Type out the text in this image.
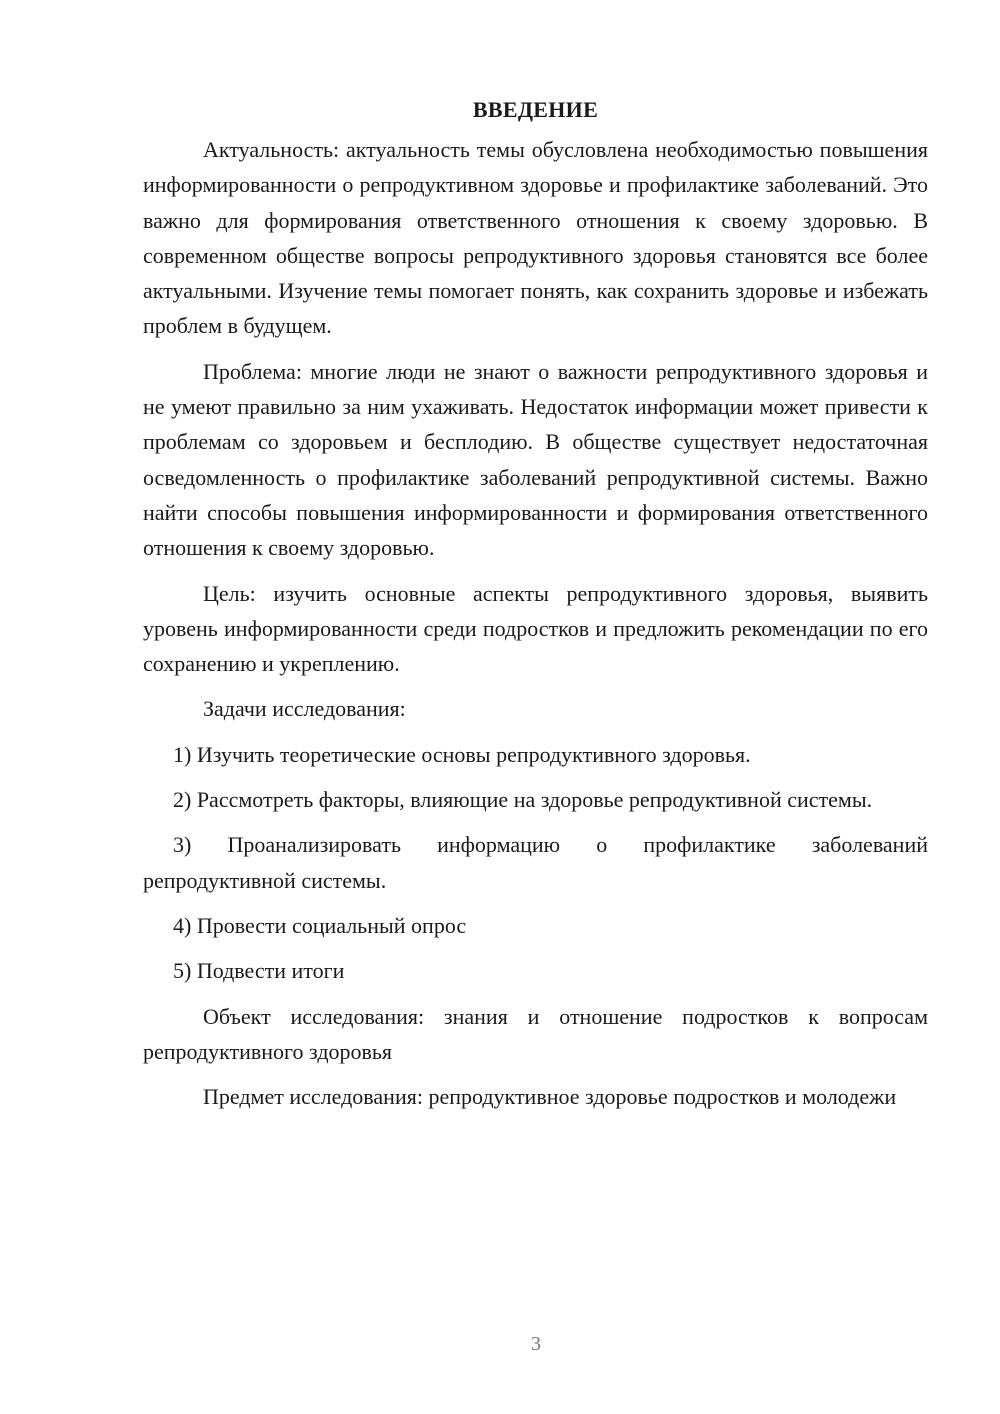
ВВЕДЕНИЕ

Актуальность: актуальность темы обусловлена необходимостью повышения информированности о репродуктивном здоровье и профилактике заболеваний. Это важно для формирования ответственного отношения к своему здоровью. В современном обществе вопросы репродуктивного здоровья становятся все более актуальными. Изучение темы помогает понять, как сохранить здоровье и избежать проблем в будущем.

Проблема: многие люди не знают о важности репродуктивного здоровья и не умеют правильно за ним ухаживать. Недостаток информации может привести к проблемам со здоровьем и бесплодию. В обществе существует недостаточная осведомленность о профилактике заболеваний репродуктивной системы. Важно найти способы повышения информированности и формирования ответственного отношения к своему здоровью.

Цель: изучить основные аспекты репродуктивного здоровья, выявить уровень информированности среди подростков и предложить рекомендации по его сохранению и укреплению.

Задачи исследования:

1) Изучить теоретические основы репродуктивного здоровья.

2) Рассмотреть факторы, влияющие на здоровье репродуктивной системы.

3) Проанализировать информацию о профилактике заболеваний репродуктивной системы.

4) Провести социальный опрос

5) Подвести итоги

Объект исследования: знания и отношение подростков к вопросам репродуктивного здоровья

Предмет исследования: репродуктивное здоровье подростков и молодежи

3
